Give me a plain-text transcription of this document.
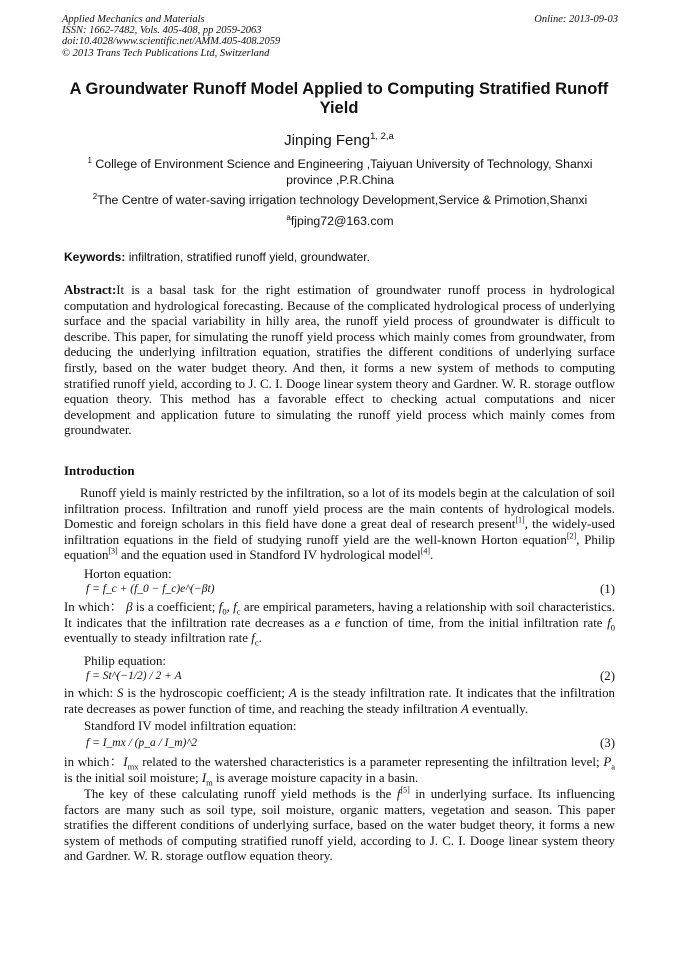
Applied Mechanics and Materials
ISSN: 1662-7482, Vols. 405-408, pp 2059-2063
doi:10.4028/www.scientific.net/AMM.405-408.2059
© 2013 Trans Tech Publications Ltd, Switzerland
Online: 2013-09-03
A Groundwater Runoff Model Applied to Computing Stratified Runoff Yield
Jinping Feng$^{1, 2,a}$
$^1$ College of Environment Science and Engineering ,Taiyuan University of Technology, Shanxi province ,P.R.China
$^2$The Centre of water-saving irrigation technology Development,Service & Primotion,Shanxi
$^a$fjping72@163.com
Keywords: infiltration, stratified runoff yield, groundwater.
Abstract:It is a basal task for the right estimation of groundwater runoff process in hydrological computation and hydrological forecasting. Because of the complicated hydrological process of underlying surface and the spacial variability in hilly area, the runoff yield process of groundwater is difficult to describe. This paper, for simulating the runoff yield process which mainly comes from groundwater, from deducing the underlying infiltration equation, stratifies the different conditions of underlying surface firstly, based on the water budget theory. And then, it forms a new system of methods to computing stratified runoff yield, according to J. C. I. Dooge linear system theory and Gardner. W. R. storage outflow equation theory. This method has a favorable effect to checking actual computations and nicer development and application future to simulating the runoff yield process which mainly comes from groundwater.
Introduction
Runoff yield is mainly restricted by the infiltration, so a lot of its models begin at the calculation of soil infiltration process. Infiltration and runoff yield process are the main contents of hydrological models. Domestic and foreign scholars in this field have done a great deal of research present[1], the widely-used infiltration equations in the field of studying runoff yield are the well-known Horton equation[2], Philip equation[3] and the equation used in Standford IV hydrological model[4].
Horton equation:
f = f_c + (f_0 − f_c)e^(−βt)	(1)
In which： β is a coefficient; $f_0$, $f_c$ are empirical parameters, having a relationship with soil characteristics. It indicates that the infiltration rate decreases as a e function of time, from the initial infiltration rate $f_0$ eventually to steady infiltration rate $f_c$.
Philip equation:
f = St^(−1/2) / 2 + A	(2)
in which: S is the hydroscopic coefficient; A is the steady infiltration rate. It indicates that the infiltration rate decreases as power function of time, and reaching the steady infiltration A eventually.
Standford IV model infiltration equation:
f = I_mx / (p_a / I_m)^2	(3)
in which：$I_{mx}$ related to the watershed characteristics is a parameter representing the infiltration level; $P_a$ is the initial soil moisture; $I_m$ is average moisture capacity in a basin.
The key of these calculating runoff yield methods is the f[5] in underlying surface. Its influencing factors are many such as soil type, soil moisture, organic matters, vegetation and season. This paper stratifies the different conditions of underlying surface, based on the water budget theory, it forms a new system of methods of computing stratified runoff yield, according to J. C. I. Dooge linear system theory and Gardner. W. R. storage outflow equation theory.
